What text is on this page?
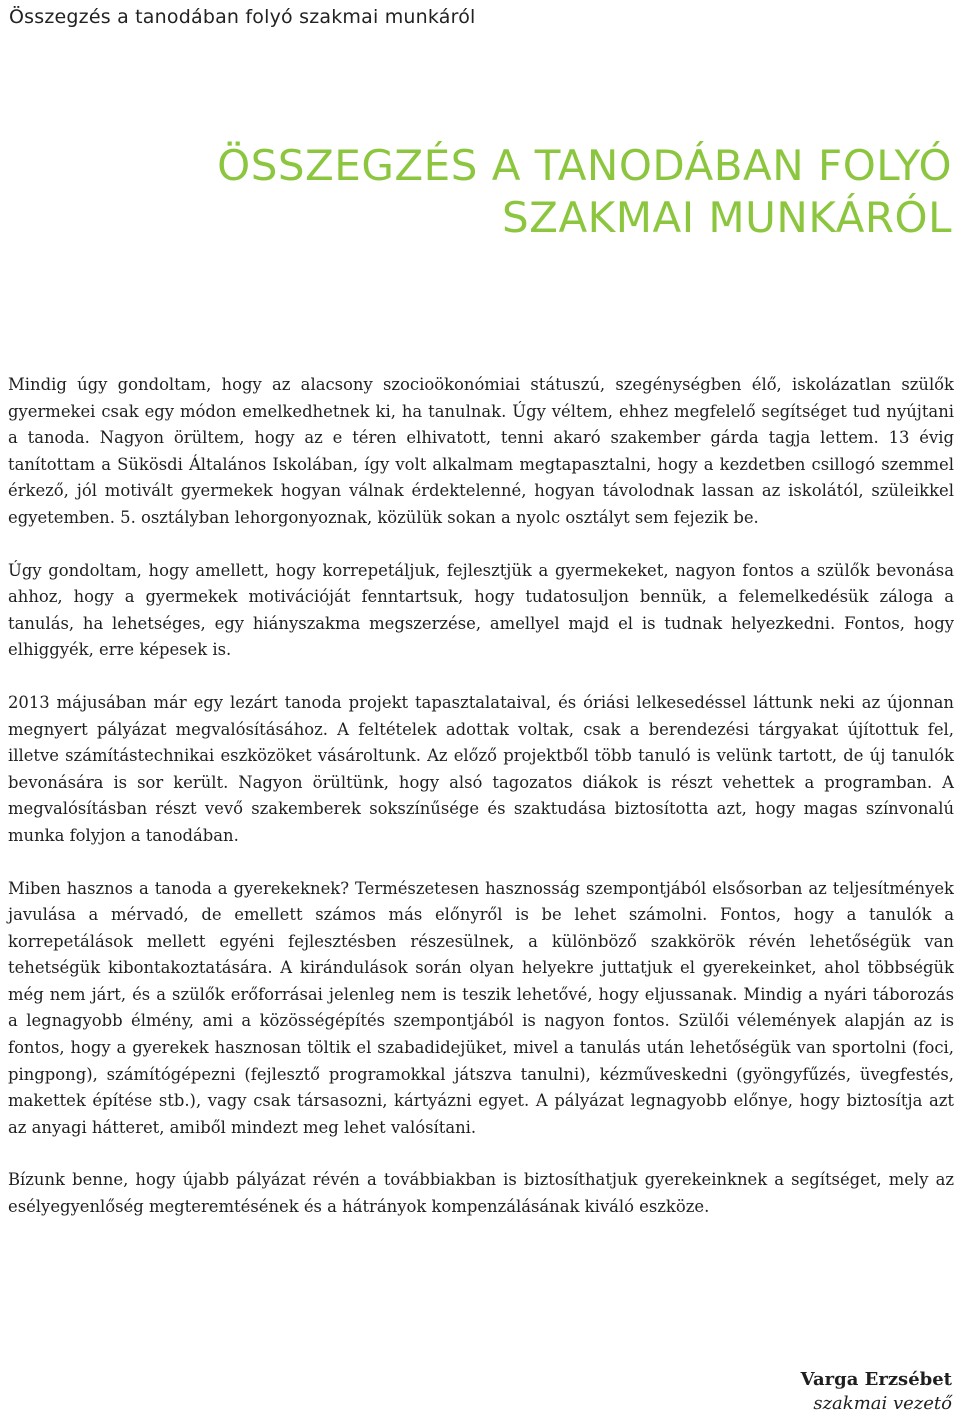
Összegzés a tanodában folyó szakmai munkáról
ÖSSZEGZÉS A TANODÁBAN FOLYÓ
SZAKMAI MUNKÁRÓL

Mindig úgy gondoltam, hogy az alacsony szocioökonómiai státuszú, szegénységben élő, iskolázatlan szülők gyermekei csak egy módon emelkedhetnek ki, ha tanulnak. Úgy véltem, ehhez megfelelő segítséget tud nyújtani a tanoda. Nagyon örültem, hogy az e téren elhivatott, tenni akaró szakember gárda tagja lettem. 13 évig tanítottam a Sükösdi Általános Iskolában, így volt alkalmam megtapasztalni, hogy a kezdetben csillogó szemmel érkező, jól motivált gyermekek hogyan válnak érdektelenné, hogyan távolodnak lassan az iskolától, szüleikkel egyetemben. 5. osztályban lehorgonyoznak, közülük sokan a nyolc osztályt sem fejezik be.

Úgy gondoltam, hogy amellett, hogy korrepetáljuk, fejlesztjük a gyermekeket, nagyon fontos a szülők bevonása ahhoz, hogy a gyermekek motivációját fenntartsuk, hogy tudatosuljon bennük, a felemelkedésük záloga a tanulás, ha lehetséges, egy hiányszakma megszerzése, amellyel majd el is tudnak helyezkedni. Fontos, hogy elhiggyék, erre képesek is.

2013 májusában már egy lezárt tanoda projekt tapasztalataival, és óriási lelkesedéssel láttunk neki az újonnan megnyert pályázat megvalósításához. A feltételek adottak voltak, csak a berendezési tárgyakat újítottuk fel, illetve számítástechnikai eszközöket vásároltunk. Az előző projektből több tanuló is velünk tartott, de új tanulók bevonására is sor került. Nagyon örültünk, hogy alsó tagozatos diákok is részt vehettek a programban. A megvalósításban részt vevő szakemberek sokszínűsége és szaktudása biztosította azt, hogy magas színvonalú munka folyjon a tanodában.

Miben hasznos a tanoda a gyerekeknek? Természetesen hasznosság szempontjából elsősorban az teljesítmények javulása a mérvadó, de emellett számos más előnyről is be lehet számolni. Fontos, hogy a tanulók a korrepetálások mellett egyéni fejlesztésben részesülnek, a különböző szakkörök révén lehetőségük van tehetségük kibontakoztatására. A kirándulások során olyan helyekre juttatjuk el gyerekeinket, ahol többségük még nem járt, és a szülők erőforrásai jelenleg nem is teszik lehetővé, hogy eljussanak. Mindig a nyári táborozás a legnagyobb élmény, ami a közösségépítés szempontjából is nagyon fontos. Szülői vélemények alapján az is fontos, hogy a gyerekek hasznosan töltik el szabadidejüket, mivel a tanulás után lehetőségük van sportolni (foci, pingpong), számítógépezni (fejlesztő programokkal játszva tanulni), kézműveskedni (gyöngyfűzés, üvegfestés, makettek építése stb.), vagy csak társasozni, kártyázni egyet. A pályázat legnagyobb előnye, hogy biztosítja azt az anyagi hátteret, amiből mindezt meg lehet valósítani.

Bízunk benne, hogy újabb pályázat révén a továbbiakban is biztosíthatjuk gyerekeinknek a segítséget, mely az esélyegyenlőség megteremtésének és a hátrányok kompenzálásának kiváló eszköze.

Varga Erzsébet
szakmai vezető
